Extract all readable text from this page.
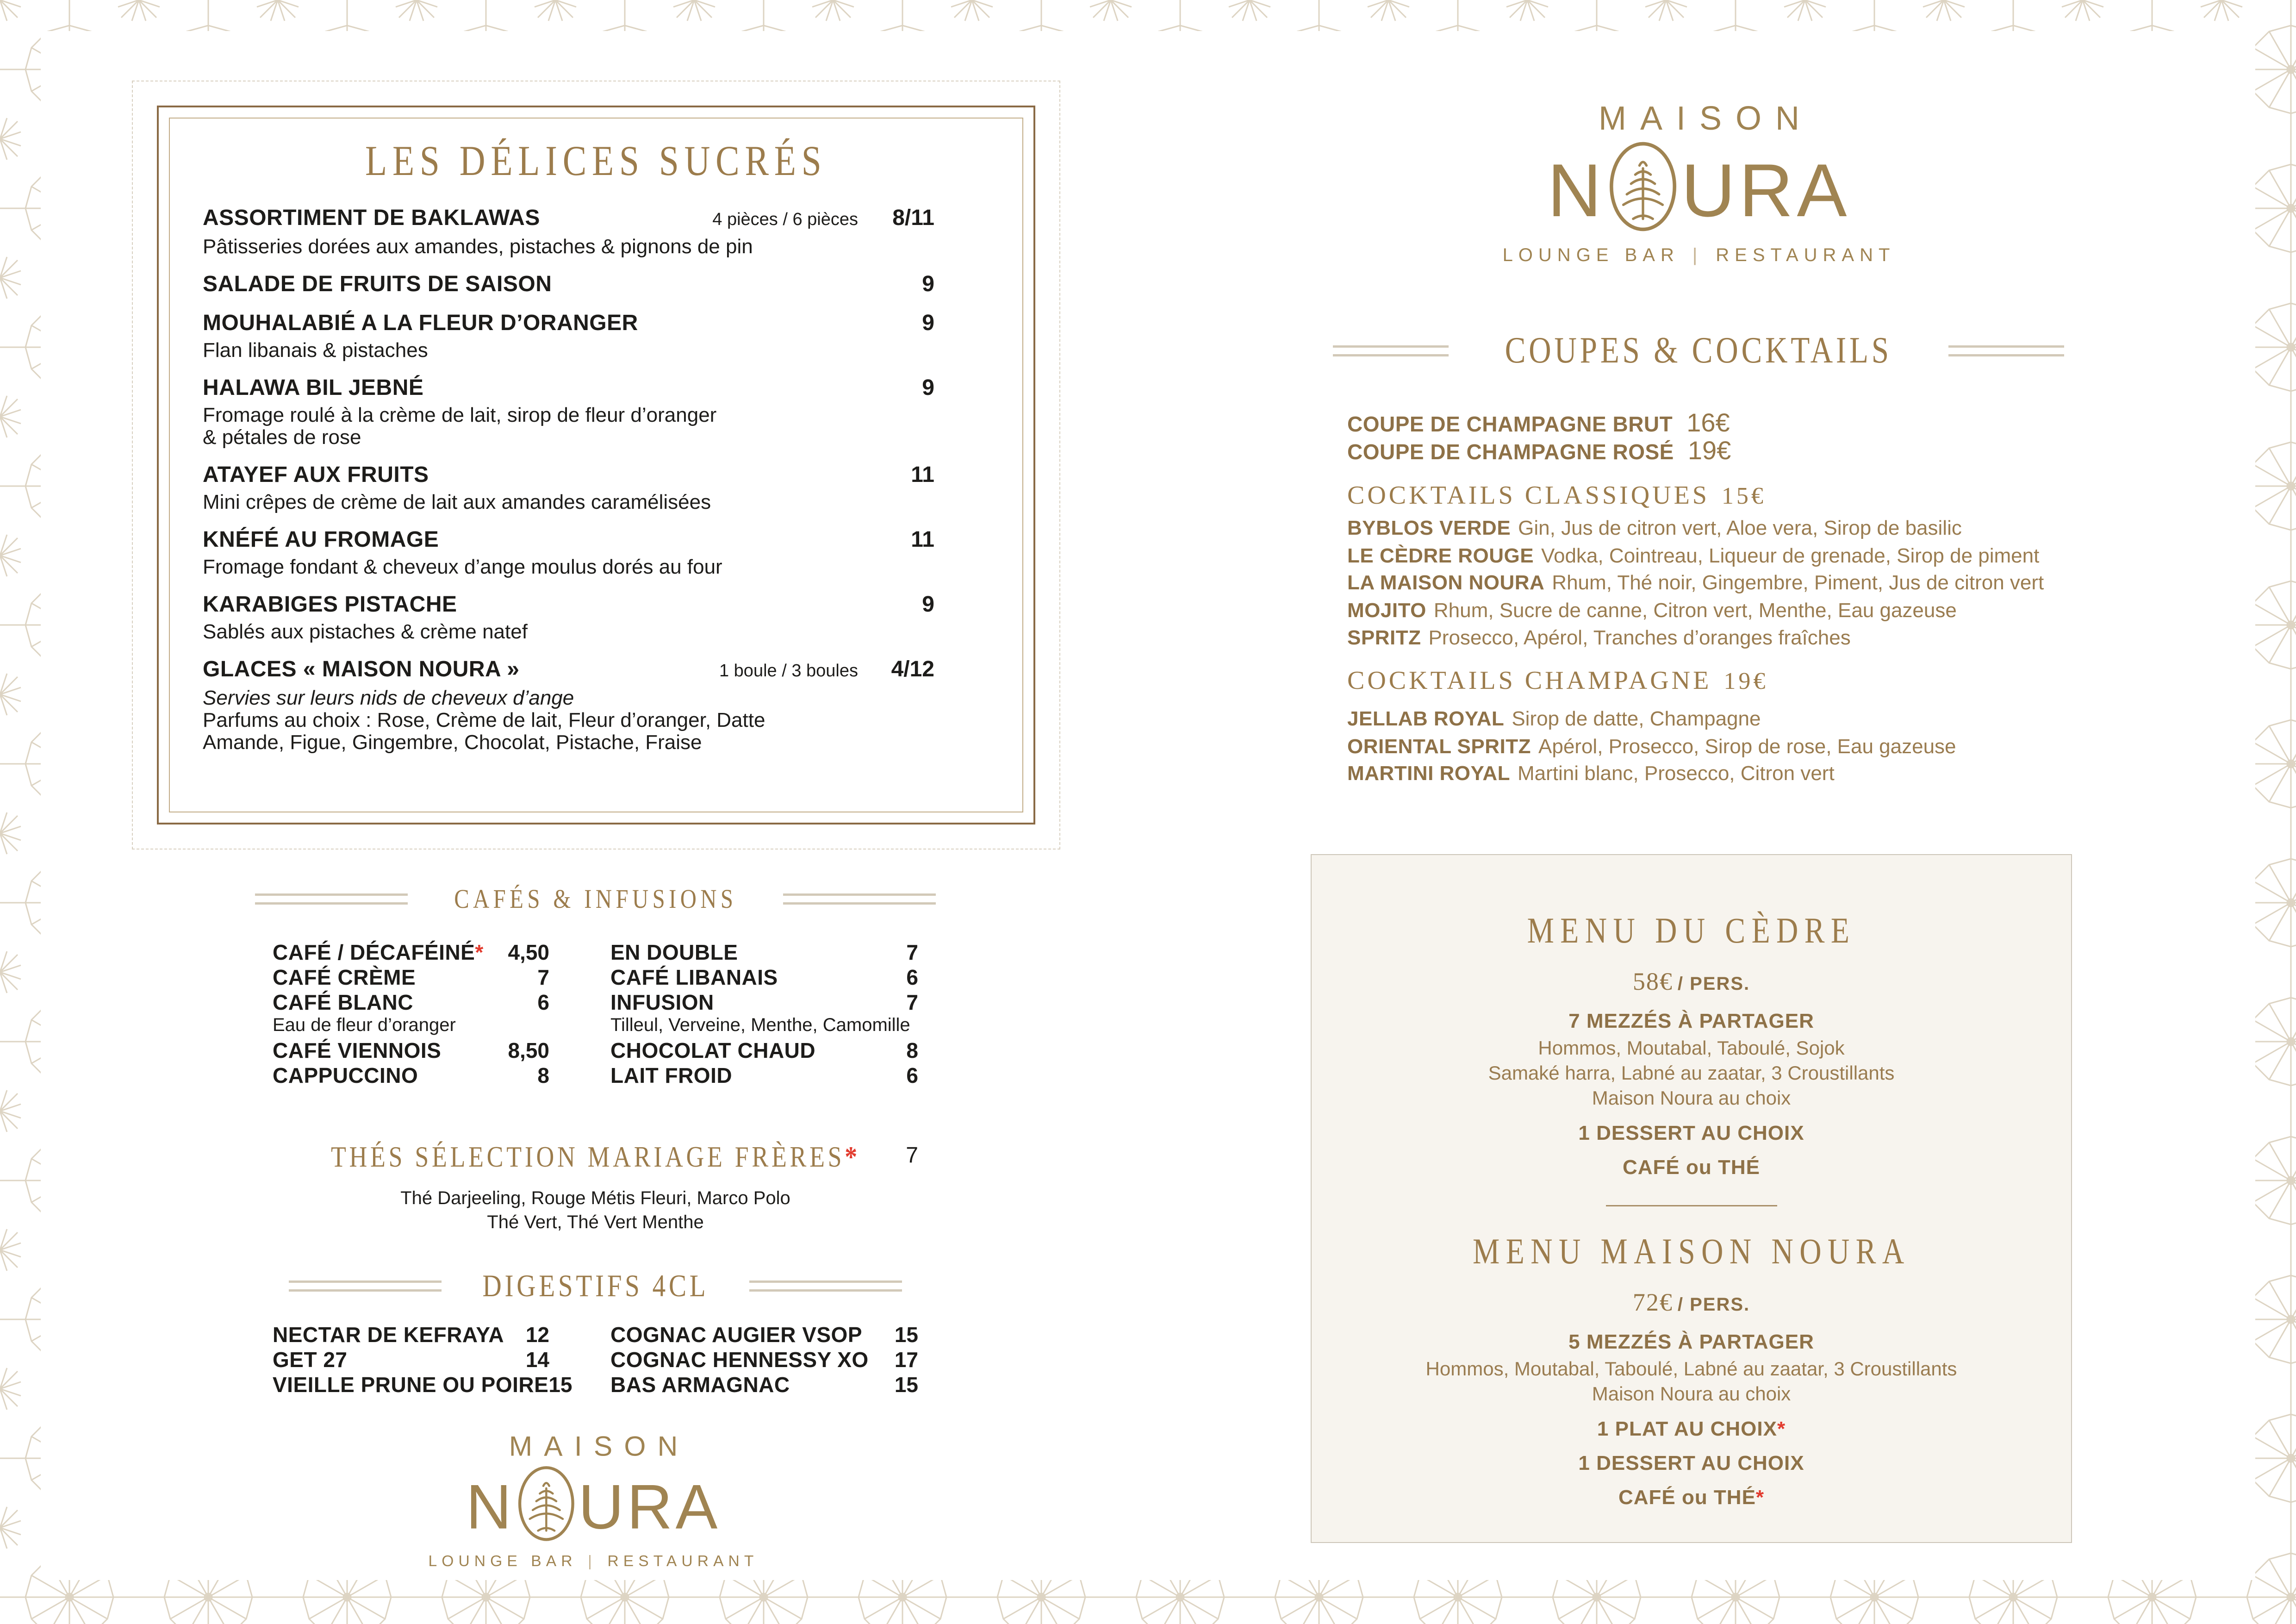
LES DÉLICES SUCRÉS
ASSORTIMENT DE BAKLAWAS	4 pièces / 6 pièces	8/11
Pâtisseries dorées aux amandes, pistaches & pignons de pin
SALADE DE FRUITS DE SAISON	9
MOUHALABIÉ A LA FLEUR D’ORANGER	9
Flan libanais & pistaches
HALAWA BIL JEBNÉ	9
Fromage roulé à la crème de lait, sirop de fleur d’oranger
& pétales de rose
ATAYEF AUX FRUITS	11
Mini crêpes de crème de lait aux amandes caramélisées
KNÉFÉ AU FROMAGE	11
Fromage fondant & cheveux d’ange moulus dorés au four
KARABIGES PISTACHE	9
Sablés aux pistaches & crème natef
GLACES « MAISON NOURA »	1 boule / 3 boules	4/12
Servies sur leurs nids de cheveux d’ange
Parfums au choix : Rose, Crème de lait, Fleur d’oranger, Datte
Amande, Figue, Gingembre, Chocolat, Pistache, Fraise
CAFÉS & INFUSIONS
CAFÉ / DÉCAFÉINÉ* 4,50
CAFÉ CRÈME	7
CAFÉ BLANC	6
Eau de fleur d’oranger
CAFÉ VIENNOIS	8,50
CAPPUCCINO	8
EN DOUBLE	7
CAFÉ LIBANAIS	6
INFUSION	7
Tilleul, Verveine, Menthe, Camomille
CHOCOLAT CHAUD	8
LAIT FROID	6
THÉS SÉLECTION MARIAGE FRÈRES*	7
Thé Darjeeling, Rouge Métis Fleuri, Marco Polo
Thé Vert, Thé Vert Menthe
DIGESTIFS 4CL
NECTAR DE KEFRAYA 12
GET 27	14
VIEILLE PRUNE OU POIRE 15
COGNAC AUGIER VSOP 15
COGNAC HENNESSY XO 17
BAS ARMAGNAC	15
MAISON
N URA
LOUNGE BAR | RESTAURANT
MAISON
N URA
LOUNGE BAR | RESTAURANT
COUPES & COCKTAILS
COUPE DE CHAMPAGNE BRUT 16€
COUPE DE CHAMPAGNE ROSÉ 19€
COCKTAILS CLASSIQUES 15€
BYBLOS VERDE Gin, Jus de citron vert, Aloe vera, Sirop de basilic
LE CÈDRE ROUGE Vodka, Cointreau, Liqueur de grenade, Sirop de piment
LA MAISON NOURA Rhum, Thé noir, Gingembre, Piment, Jus de citron vert
MOJITO Rhum, Sucre de canne, Citron vert, Menthe, Eau gazeuse
SPRITZ Prosecco, Apérol, Tranches d’oranges fraîches
COCKTAILS CHAMPAGNE 19€
JELLAB ROYAL Sirop de datte, Champagne
ORIENTAL SPRITZ Apérol, Prosecco, Sirop de rose, Eau gazeuse
MARTINI ROYAL Martini blanc, Prosecco, Citron vert
MENU DU CÈDRE
58€ / PERS.
7 MEZZÉS À PARTAGER
Hommos, Moutabal, Taboulé, Sojok
Samaké harra, Labné au zaatar, 3 Croustillants
Maison Noura au choix
1 DESSERT AU CHOIX
CAFÉ ou THÉ
MENU MAISON NOURA
72€ / PERS.
5 MEZZÉS À PARTAGER
Hommos, Moutabal, Taboulé, Labné au zaatar, 3 Croustillants
Maison Noura au choix
1 PLAT AU CHOIX*
1 DESSERT AU CHOIX
CAFÉ ou THÉ*
